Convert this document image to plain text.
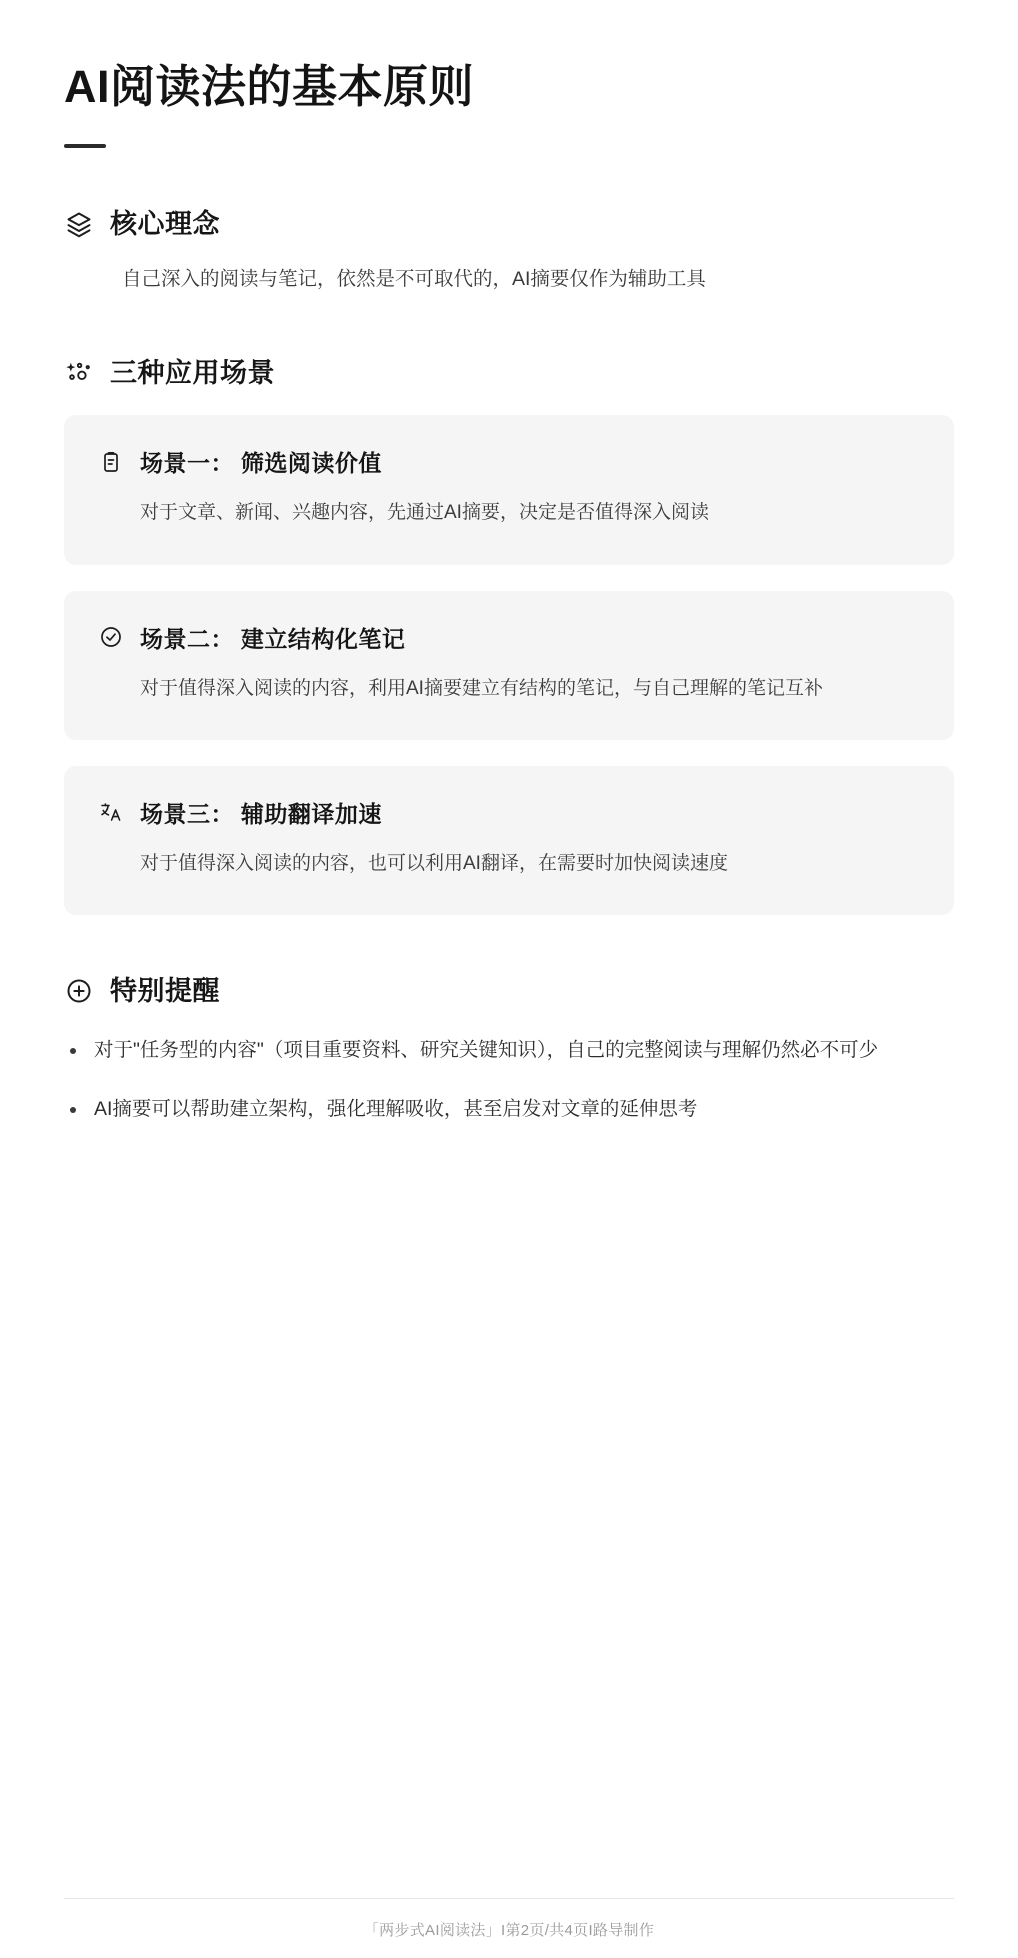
AI阅读法的基本原则
核心理念
自己深入的阅读与笔记，依然是不可取代的，AI摘要仅作为辅助工具
三种应用场景
场景一： 筛选阅读价值
对于文章、新闻、兴趣内容，先通过AI摘要，决定是否值得深入阅读
场景二： 建立结构化笔记
对于值得深入阅读的内容，利用AI摘要建立有结构的笔记，与自己理解的笔记互补
场景三： 辅助翻译加速
对于值得深入阅读的内容，也可以利用AI翻译，在需要时加快阅读速度
特别提醒
对于"任务型的内容"（项目重要资料、研究关键知识），自己的完整阅读与理解仍然必不可少
AI摘要可以帮助建立架构，强化理解吸收，甚至启发对文章的延伸思考
「两步式AI阅读法」I第2页/共4页I路导制作
